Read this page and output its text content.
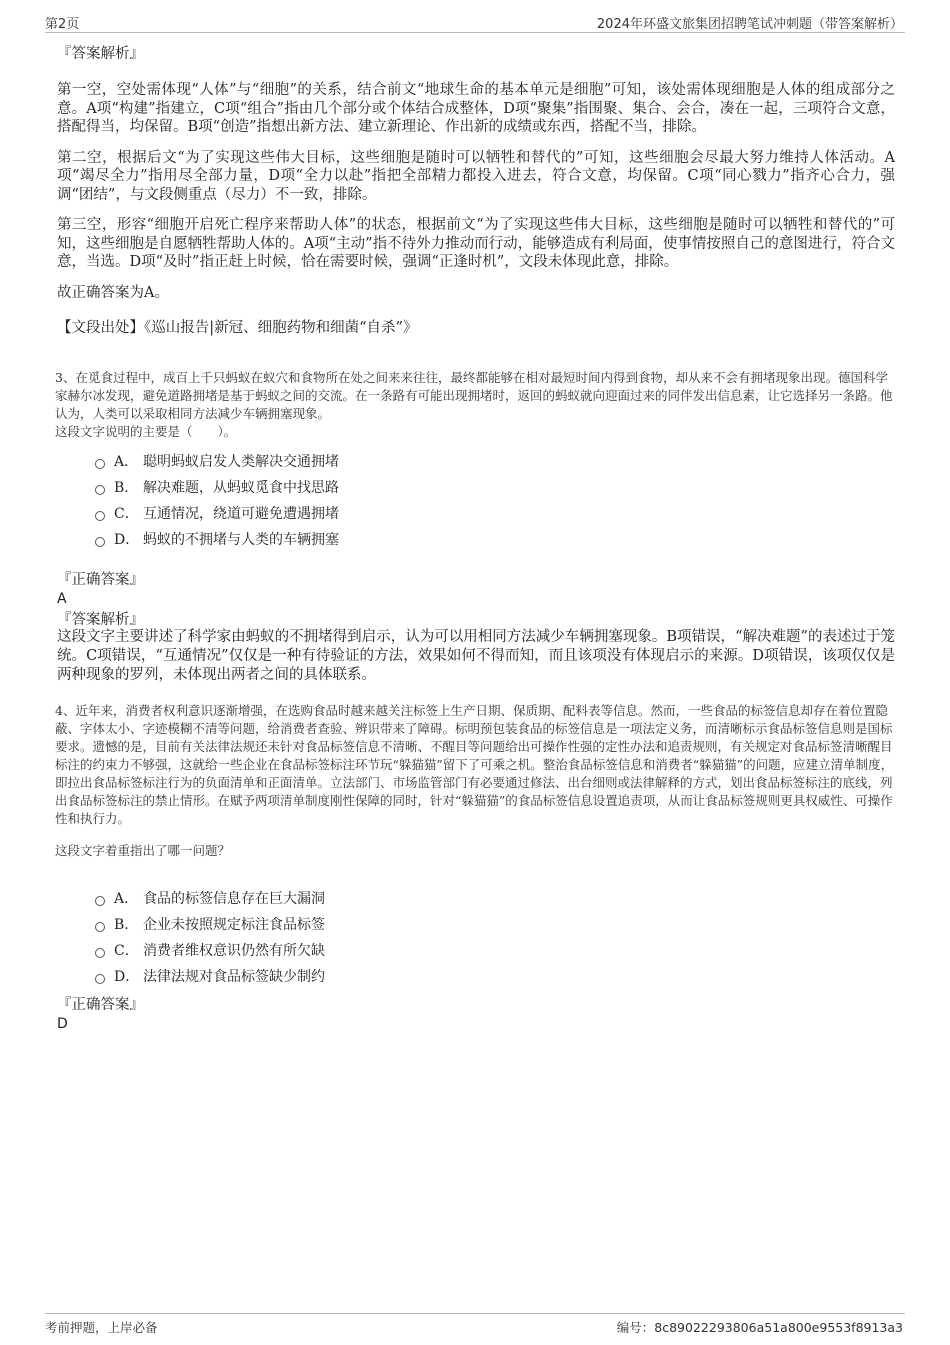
第2页	2024年环盛文旅集团招聘笔试冲刺题（带答案解析）
『答案解析』

第一空，空处需体现“人体”与“细胞”的关系，结合前文“地球生命的基本单元是细胞”可知，该处需体现细胞是人体的组成部分之意。A项“构建”指建立，C项“组合”指由几个部分或个体结合成整体，D项“聚集”指围聚、集合、会合，凑在一起，三项符合文意，搭配得当，均保留。B项“创造”指想出新方法、建立新理论、作出新的成绩或东西，搭配不当，排除。

第二空，根据后文“为了实现这些伟大目标，这些细胞是随时可以牺牲和替代的”可知，这些细胞会尽最大努力维持人体活动。A项“竭尽全力”指用尽全部力量，D项“全力以赴”指把全部精力都投入进去，符合文意，均保留。C项“同心戮力”指齐心合力，强调“团结”，与文段侧重点（尽力）不一致，排除。

第三空，形容“细胞开启死亡程序来帮助人体”的状态，根据前文“为了实现这些伟大目标，这些细胞是随时可以牺牲和替代的”可知，这些细胞是自愿牺牲帮助人体的。A项“主动”指不待外力推动而行动，能够造成有利局面，使事情按照自己的意图进行，符合文意，当选。D项“及时”指正赶上时候，恰在需要时候，强调“正逢时机”，文段未体现此意，排除。

故正确答案为A。

【文段出处】《巡山报告|新冠、细胞药物和细菌“自杀”》
3、在觅食过程中，成百上千只蚂蚁在蚁穴和食物所在处之间来来往往，最终都能够在相对最短时间内得到食物，却从来不会有拥堵现象出现。德国科学家赫尔冰发现，避免道路拥堵是基于蚂蚁之间的交流。在一条路有可能出现拥堵时，返回的蚂蚁就向迎面过来的同伴发出信息素，让它选择另一条路。他认为，人类可以采取相同方法减少车辆拥塞现象。
这段文字说明的主要是（　　）。
A． 聪明蚂蚁启发人类解决交通拥堵
B． 解决难题，从蚂蚁觅食中找思路
C． 互通情况，绕道可避免遭遇拥堵
D． 蚂蚁的不拥堵与人类的车辆拥塞
『正确答案』
A
『答案解析』
这段文字主要讲述了科学家由蚂蚁的不拥堵得到启示，认为可以用相同方法减少车辆拥塞现象。B项错误，“解决难题”的表述过于笼统。C项错误，“互通情况”仅仅是一种有待验证的方法，效果如何不得而知，而且该项没有体现启示的来源。D项错误，该项仅仅是两种现象的罗列，未体现出两者之间的具体联系。
4、近年来，消费者权利意识逐渐增强，在选购食品时越来越关注标签上生产日期、保质期、配料表等信息。然而，一些食品的标签信息却存在着位置隐蔽、字体太小、字迹模糊不清等问题，给消费者查验、辨识带来了障碍。标明预包装食品的标签信息是一项法定义务，而清晰标示食品标签信息则是国标要求。遗憾的是，目前有关法律法规还未针对食品标签信息不清晰、不醒目等问题给出可操作性强的定性办法和追责规则，有关规定对食品标签清晰醒目标注的约束力不够强，这就给一些企业在食品标签标注环节玩“躲猫猫”留下了可乘之机。整治食品标签信息和消费者“躲猫猫”的问题，应建立清单制度，即拉出食品标签标注行为的负面清单和正面清单。立法部门、市场监管部门有必要通过修法、出台细则或法律解释的方式，划出食品标签标注的底线，列出食品标签标注的禁止情形。在赋予两项清单制度刚性保障的同时，针对“躲猫猫”的食品标签信息设置追责项，从而让食品标签规则更具权威性、可操作性和执行力。
这段文字着重指出了哪一问题？
A． 食品的标签信息存在巨大漏洞
B． 企业未按照规定标注食品标签
C． 消费者维权意识仍然有所欠缺
D． 法律法规对食品标签缺少制约
『正确答案』
D
考前押题，上岸必备	编号：8c89022293806a51a800e9553f8913a3
